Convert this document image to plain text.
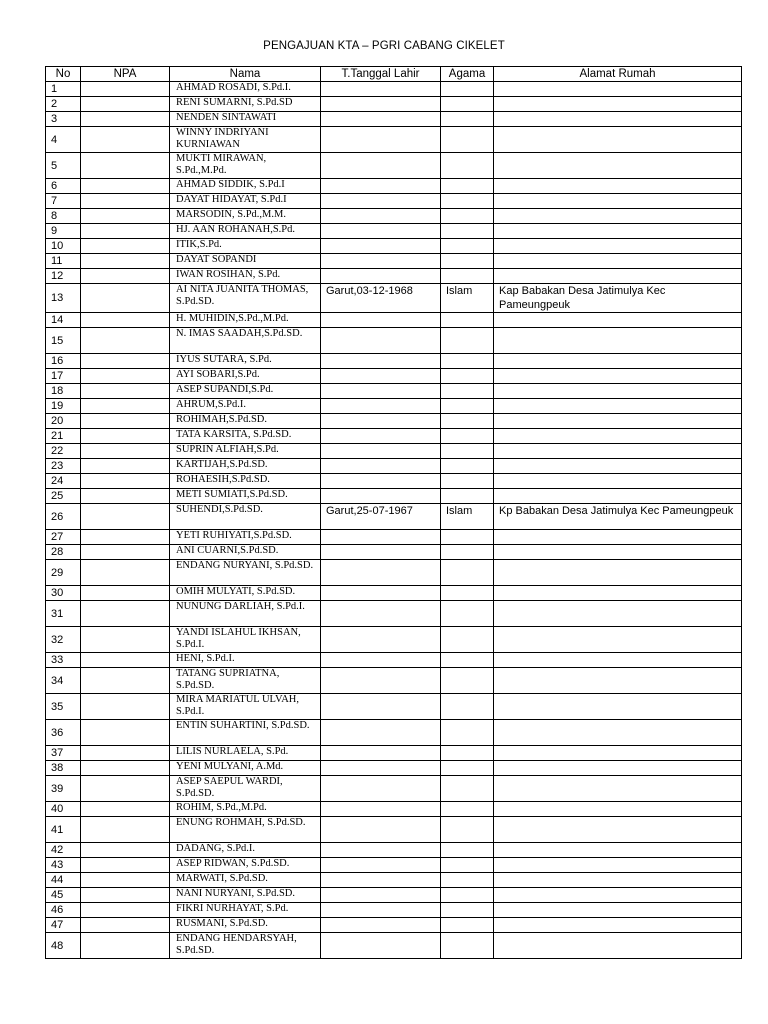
PENGAJUAN KTA – PGRI CABANG CIKELET
No	NPA	Nama	T.Tanggal Lahir	Agama	Alamat Rumah
1		AHMAD ROSADI, S.Pd.I.			
2		RENI SUMARNI, S.Pd.SD			
3		NENDEN SINTAWATI			
4		WINNY INDRIYANI KURNIAWAN			
5		MUKTI MIRAWAN, S.Pd.,M.Pd.			
6		AHMAD SIDDIK, S.Pd.I			
7		DAYAT HIDAYAT, S.Pd.I			
8		MARSODIN, S.Pd.,M.M.			
9		HJ. AAN ROHANAH,S.Pd.			
10		ITIK,S.Pd.			
11		DAYAT SOPANDI			
12		IWAN ROSIHAN, S.Pd.			
13		AI NITA JUANITA THOMAS, S.Pd.SD.	Garut,03-12-1968	Islam	Kap Babakan Desa Jatimulya Kec Pameungpeuk
14		H. MUHIDIN,S.Pd.,M.Pd.			
15		N. IMAS SAADAH,S.Pd.SD.			
16		IYUS SUTARA, S.Pd.			
17		AYI SOBARI,S.Pd.			
18		ASEP SUPANDI,S.Pd.			
19		AHRUM,S.Pd.I.			
20		ROHIMAH,S.Pd.SD.			
21		TATA KARSITA, S.Pd.SD.			
22		SUPRIN ALFIAH,S.Pd.			
23		KARTIJAH,S.Pd.SD.			
24		ROHAESIH,S.Pd.SD.			
25		METI SUMIATI,S.Pd.SD.			
26		SUHENDI,S.Pd.SD.	Garut,25-07-1967	Islam	Kp Babakan Desa Jatimulya Kec Pameungpeuk
27		YETI RUHIYATI,S.Pd.SD.			
28		ANI CUARNI,S.Pd.SD.			
29		ENDANG NURYANI, S.Pd.SD.			
30		OMIH MULYATI, S.Pd.SD.			
31		NUNUNG DARLIAH, S.Pd.I.			
32		YANDI ISLAHUL IKHSAN, S.Pd.I.			
33		HENI, S.Pd.I.			
34		TATANG SUPRIATNA, S.Pd.SD.			
35		MIRA MARIATUL ULVAH, S.Pd.I.			
36		ENTIN SUHARTINI, S.Pd.SD.			
37		LILIS NURLAELA, S.Pd.			
38		YENI MULYANI, A.Md.			
39		ASEP SAEPUL WARDI, S.Pd.SD.			
40		ROHIM, S.Pd.,M.Pd.			
41		ENUNG ROHMAH, S.Pd.SD.			
42		DADANG, S.Pd.I.			
43		ASEP RIDWAN, S.Pd.SD.			
44		MARWATI, S.Pd.SD.			
45		NANI NURYANI, S.Pd.SD.			
46		FIKRI NURHAYAT, S.Pd.			
47		RUSMANI, S.Pd.SD.			
48		ENDANG HENDARSYAH, S.Pd.SD.			
